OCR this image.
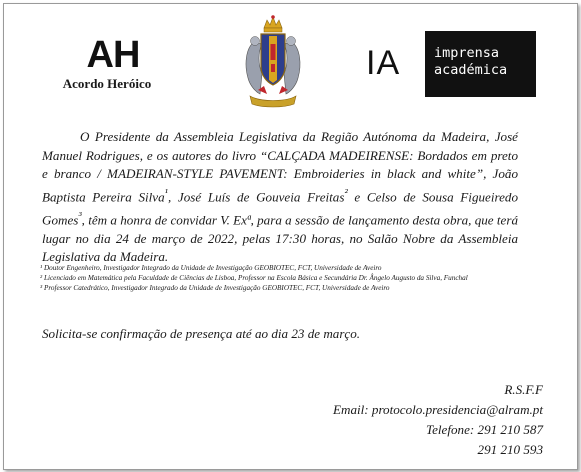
AH
Acordo Heróico
IA	imprensa
académica

O Presidente da Assembleia Legislativa da Região Autónoma da Madeira, José Manuel Rodrigues, e os autores do livro “CALÇADA MADEIRENSE: Bordados em preto e branco / MADEIRAN-STYLE PAVEMENT: Embroideries in black and white”, João Baptista Pereira Silva$^{^1}$, José Luís de Gouveia Freitas$^{^2}$ e Celso de Sousa Figueiredo Gomes$^{^3}$, têm a honra de convidar V. Exª, para a sessão de lançamento desta obra, que terá lugar no dia 24 de março de 2022, pelas 17:30 horas, no Salão Nobre da Assembleia Legislativa da Madeira.

¹ Doutor Engenheiro, Investigador Integrado da Unidade de Investigação GEOBIOTEC, FCT, Universidade de Aveiro

² Licenciado em Matemática pela Faculdade de Ciências de Lisboa, Professor na Escola Básica e Secundária Dr. Ângelo Augusto da Silva, Funchal

³ Professor Catedrático, Investigador Integrado da Unidade de Investigação GEOBIOTEC, FCT, Universidade de Aveiro

Solicita-se confirmação de presença até ao dia 23 de março.

R.S.F.F
Email: protocolo.presidencia@alram.pt
Telefone: 291 210 587
291 210 593
